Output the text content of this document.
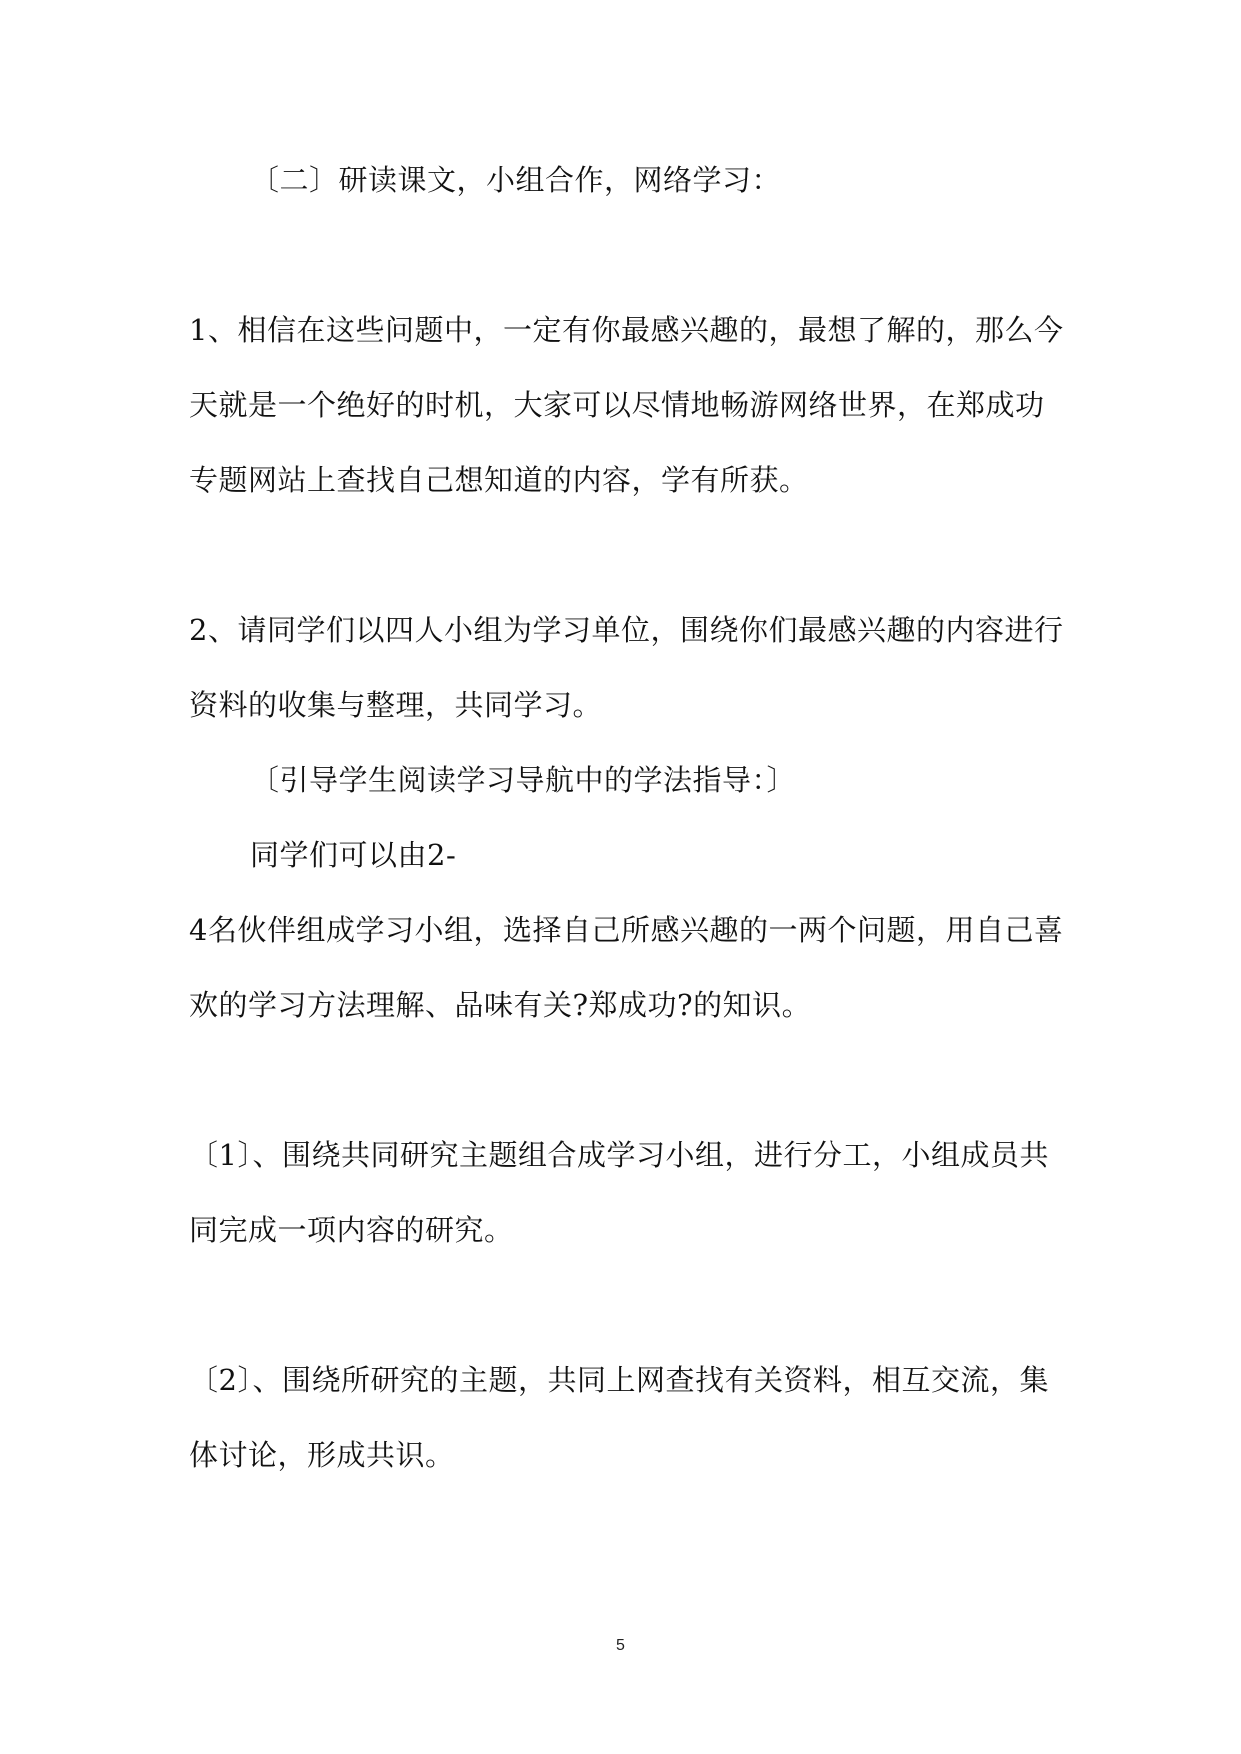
〔二〕研读课文，小组合作，网络学习：
1、相信在这些问题中，一定有你最感兴趣的，最想了解的，那么今
天就是一个绝好的时机，大家可以尽情地畅游网络世界，在郑成功
专题网站上查找自己想知道的内容，学有所获。
2、请同学们以四人小组为学习单位，围绕你们最感兴趣的内容进行
资料的收集与整理，共同学习。
〔引导学生阅读学习导航中的学法指导：〕
同学们可以由2-
4名伙伴组成学习小组，选择自己所感兴趣的一两个问题，用自己喜
欢的学习方法理解、品味有关?郑成功?的知识。
〔1〕、围绕共同研究主题组合成学习小组，进行分工，小组成员共
同完成一项内容的研究。
〔2〕、围绕所研究的主题，共同上网查找有关资料，相互交流，集
体讨论，形成共识。
5
